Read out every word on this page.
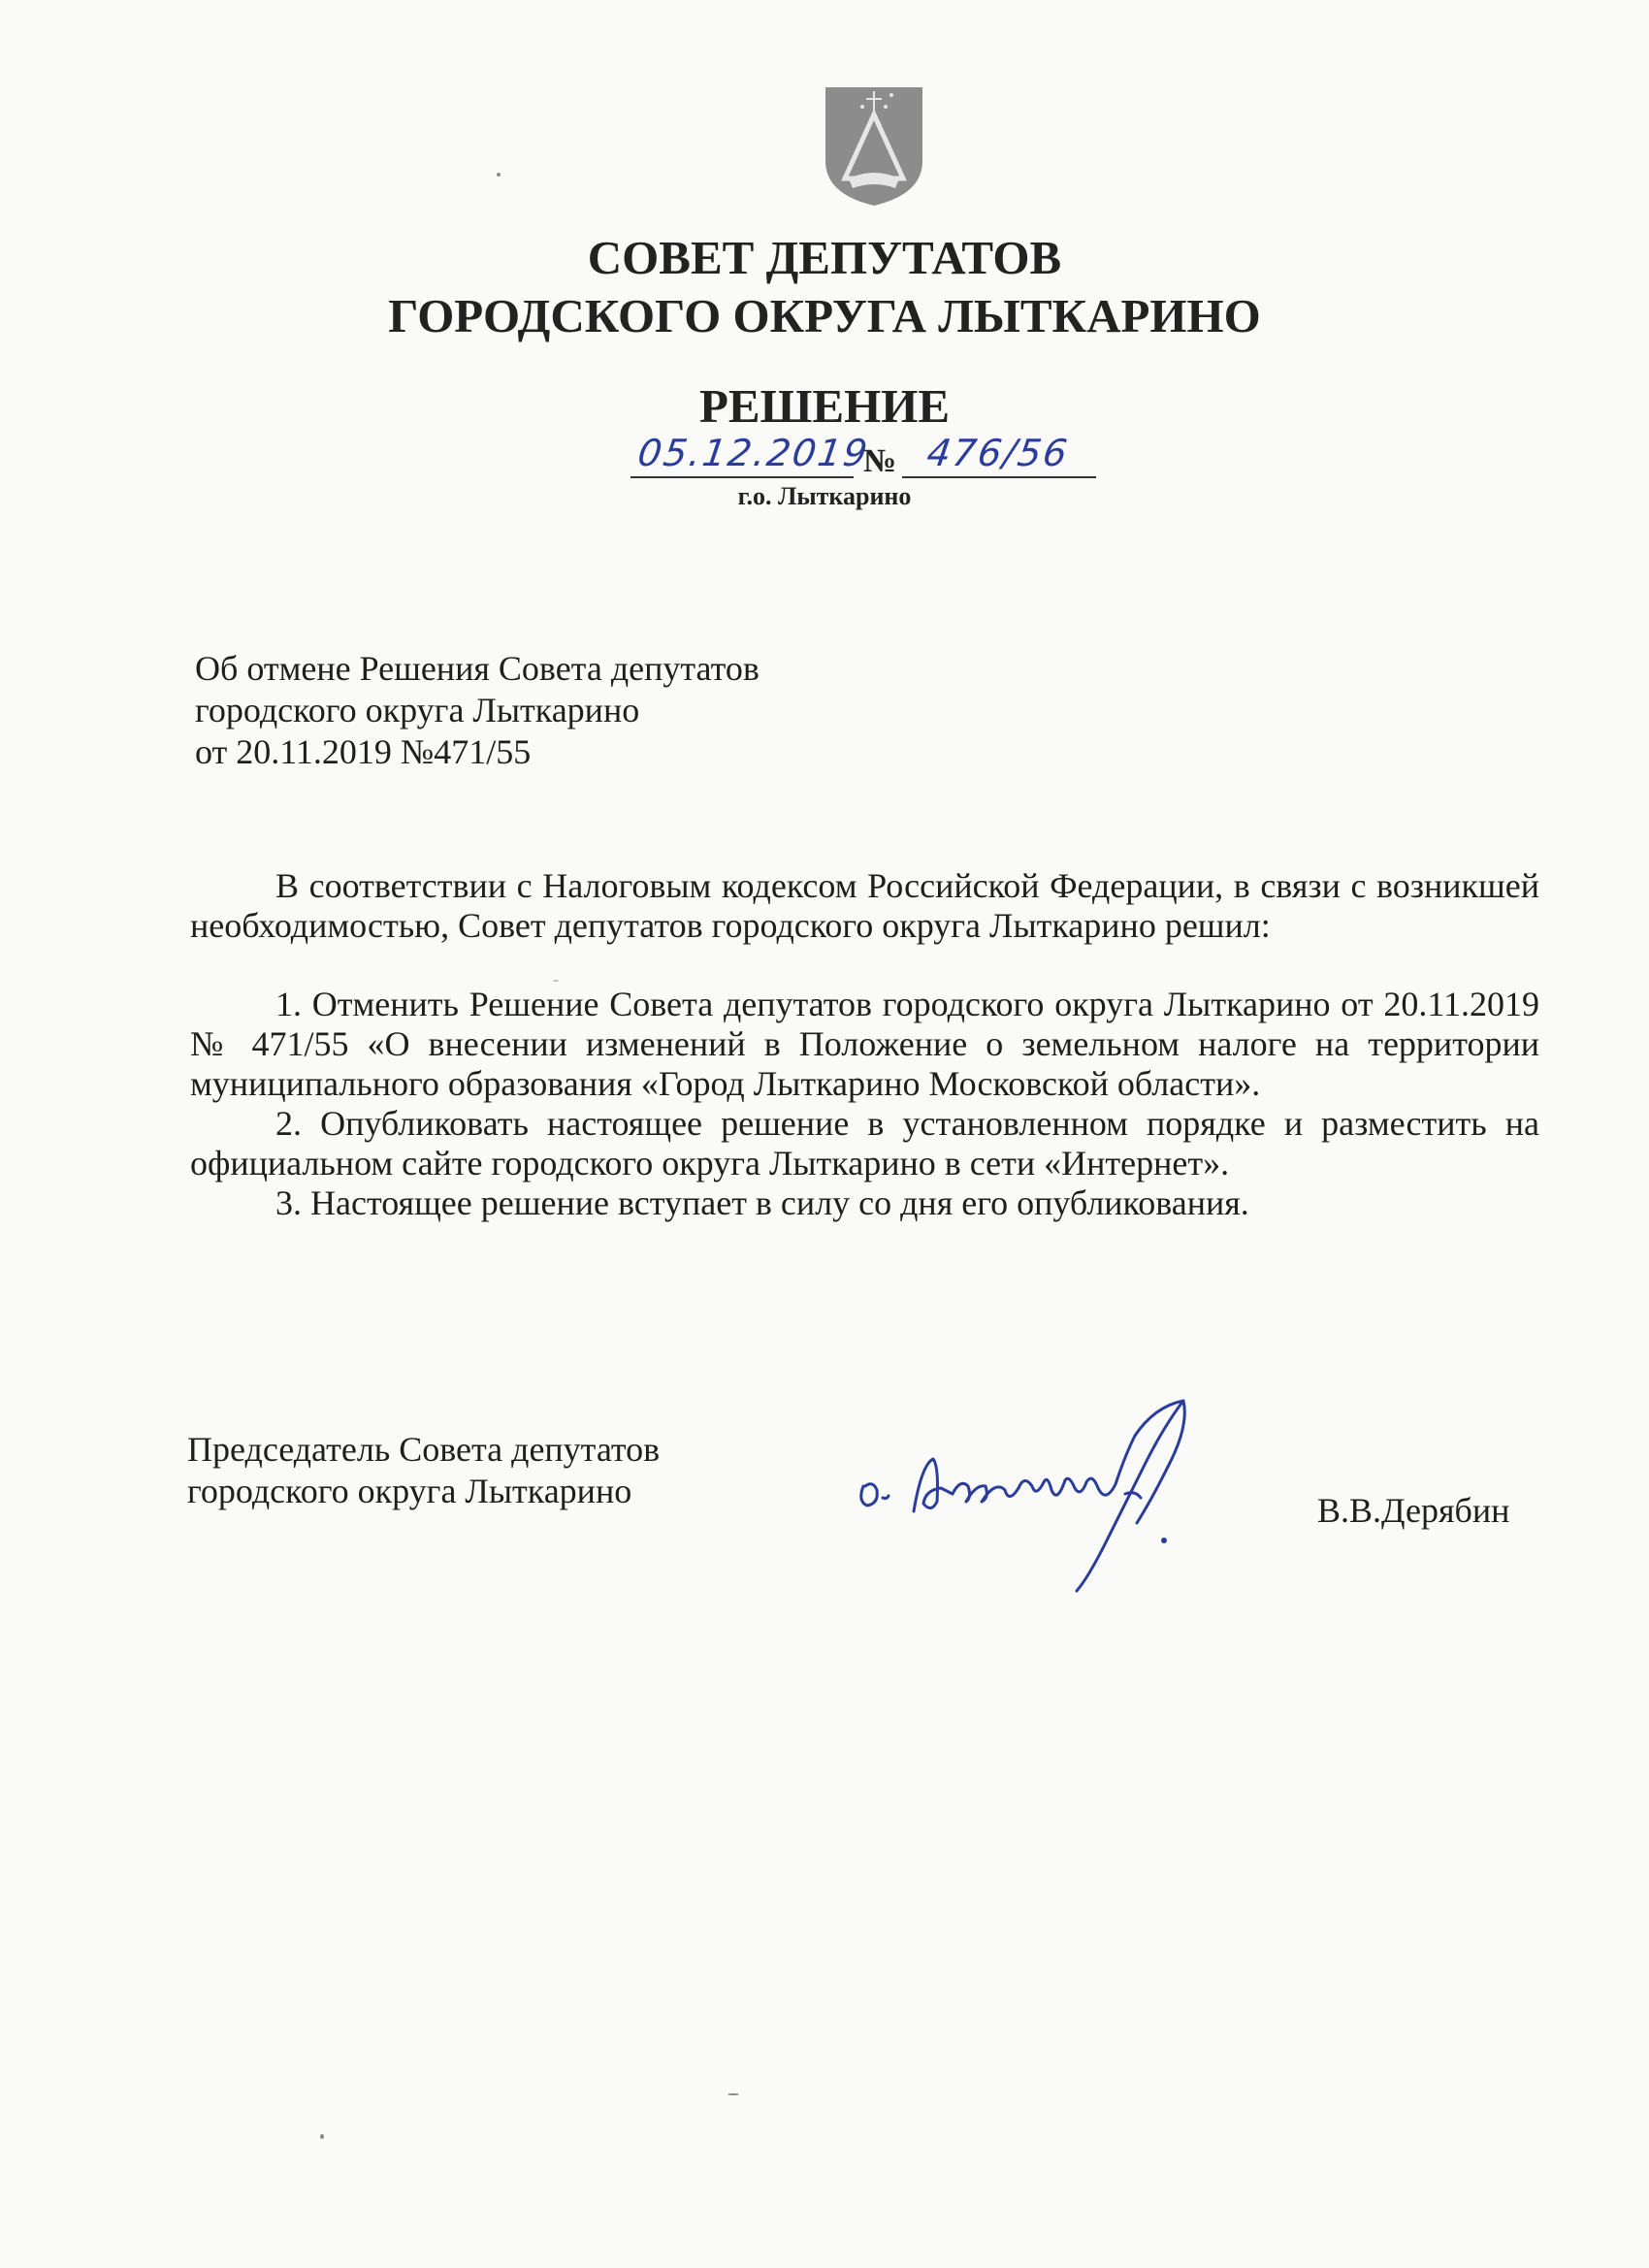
СОВЕТ ДЕПУТАТОВ
ГОРОДСКОГО ОКРУГА ЛЫТКАРИНО
РЕШЕНИЕ
05.12.2019
№ 476/56
г.о. Лыткарино
Об отмене Решения Совета депутатов
городского округа Лыткарино
от 20.11.2019 №471/55

В соответствии с Налоговым кодексом Российской Федерации, в связи с возникшей необходимостью, Совет депутатов городского округа Лыткарино решил:

1. Отменить Решение Совета депутатов городского округа Лыткарино от 20.11.2019 № 471/55 «О внесении изменений в Положение о земельном налоге на территории муниципального образования «Город Лыткарино Московской области».

2. Опубликовать настоящее решение в установленном порядке и разместить на официальном сайте городского округа Лыткарино в сети «Интернет».

3. Настоящее решение вступает в силу со дня его опубликования.

Председатель Совета депутатов
городского округа Лыткарино	В.В.Дерябин
